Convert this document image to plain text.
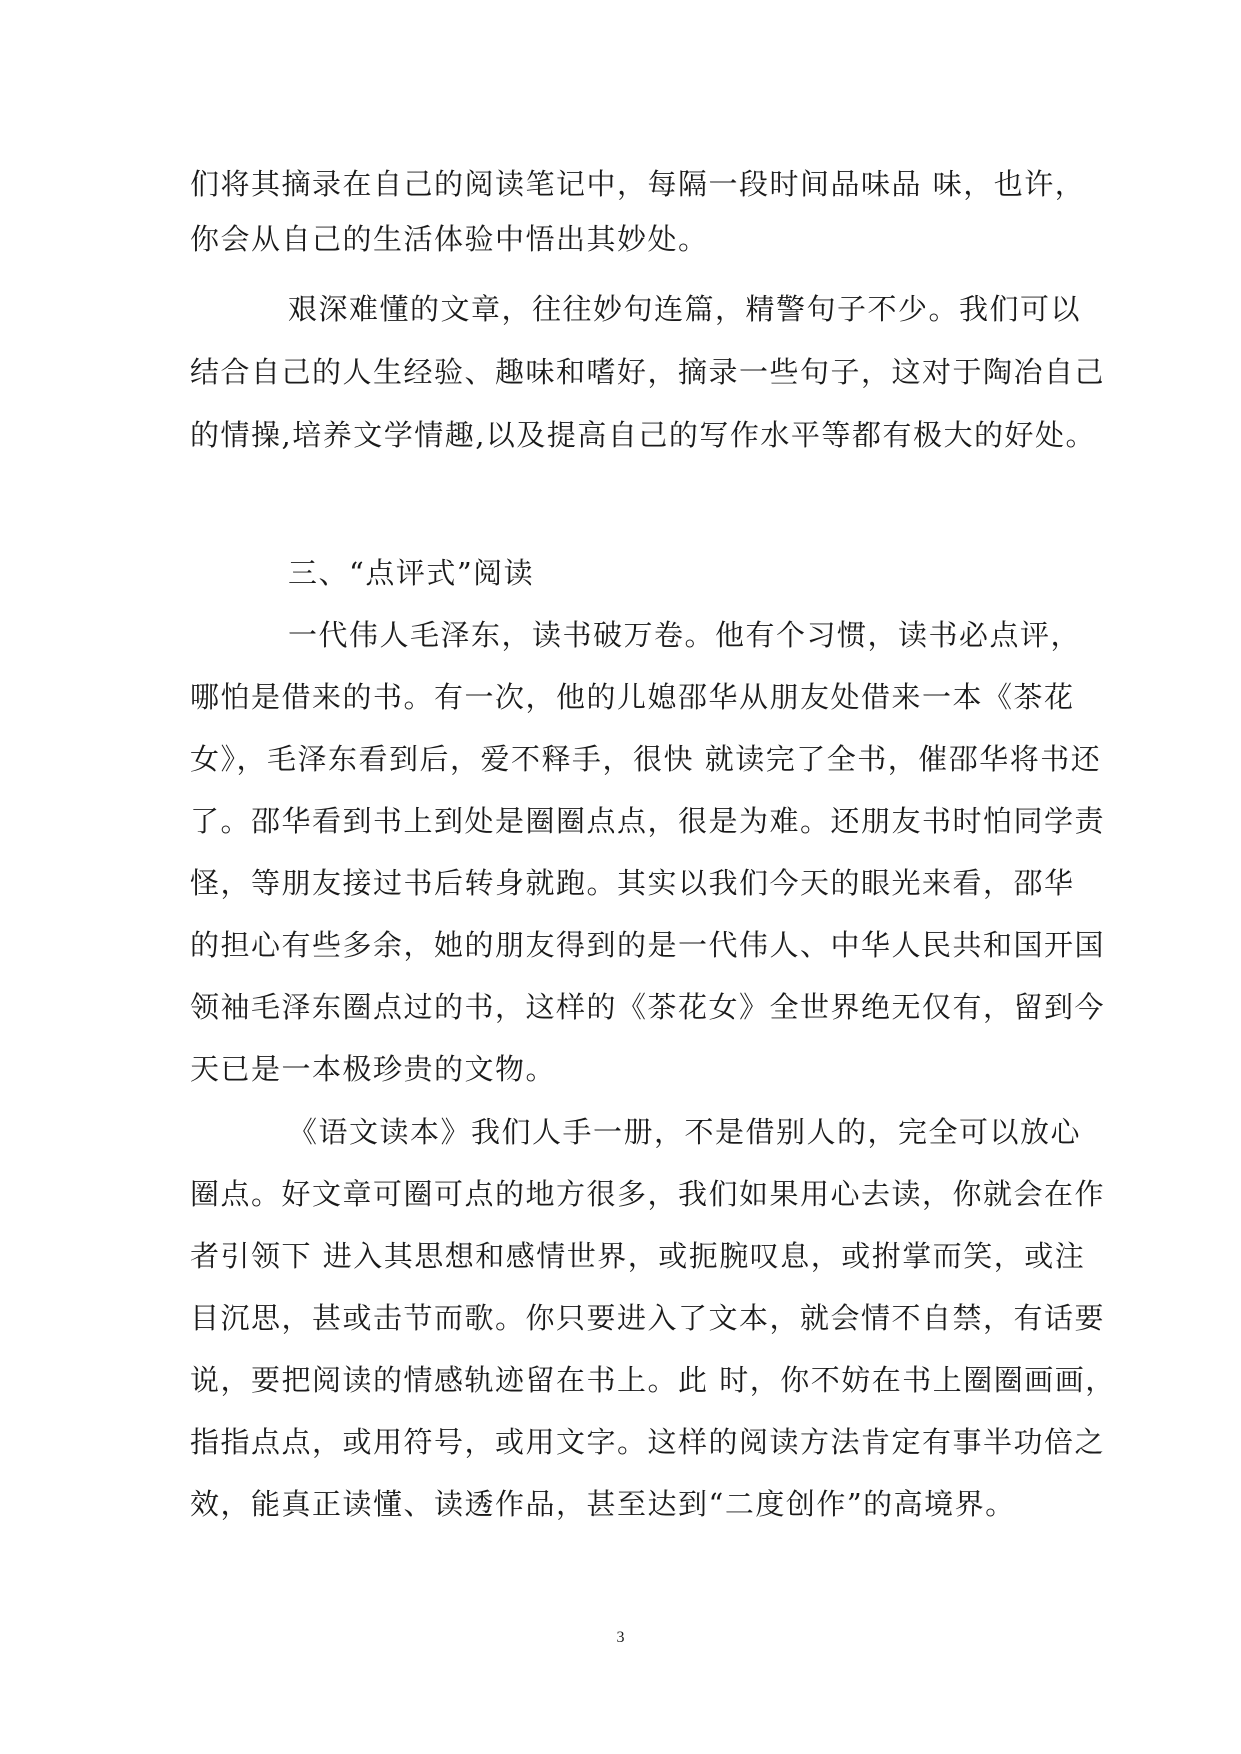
们将其摘录在自己的阅读笔记中，每隔一段时间品味品 味，也许，
你会从自己的生活体验中悟出其妙处。
艰深难懂的文章，往往妙句连篇，精警句子不少。我们可以
结合自己的人生经验、趣味和嗜好，摘录一些句子，这对于陶冶自己
的情操,培养文学情趣,以及提高自己的写作水平等都有极大的好处。
三、“点评式”阅读
一代伟人毛泽东，读书破万卷。他有个习惯，读书必点评，
哪怕是借来的书。有一次，他的儿媳邵华从朋友处借来一本《茶花
女》，毛泽东看到后，爱不释手，很快 就读完了全书，催邵华将书还
了。邵华看到书上到处是圈圈点点，很是为难。还朋友书时怕同学责
怪，等朋友接过书后转身就跑。其实以我们今天的眼光来看，邵华
的担心有些多余，她的朋友得到的是一代伟人、中华人民共和国开国
领袖毛泽东圈点过的书，这样的《茶花女》全世界绝无仅有，留到今
天已是一本极珍贵的文物。
《语文读本》我们人手一册，不是借别人的，完全可以放心
圈点。好文章可圈可点的地方很多，我们如果用心去读，你就会在作
者引领下 进入其思想和感情世界，或扼腕叹息，或拊掌而笑，或注
目沉思，甚或击节而歌。你只要进入了文本，就会情不自禁，有话要
说，要把阅读的情感轨迹留在书上。此 时，你不妨在书上圈圈画画，
指指点点，或用符号，或用文字。这样的阅读方法肯定有事半功倍之
效，能真正读懂、读透作品，甚至达到“二度创作”的高境界。
3
